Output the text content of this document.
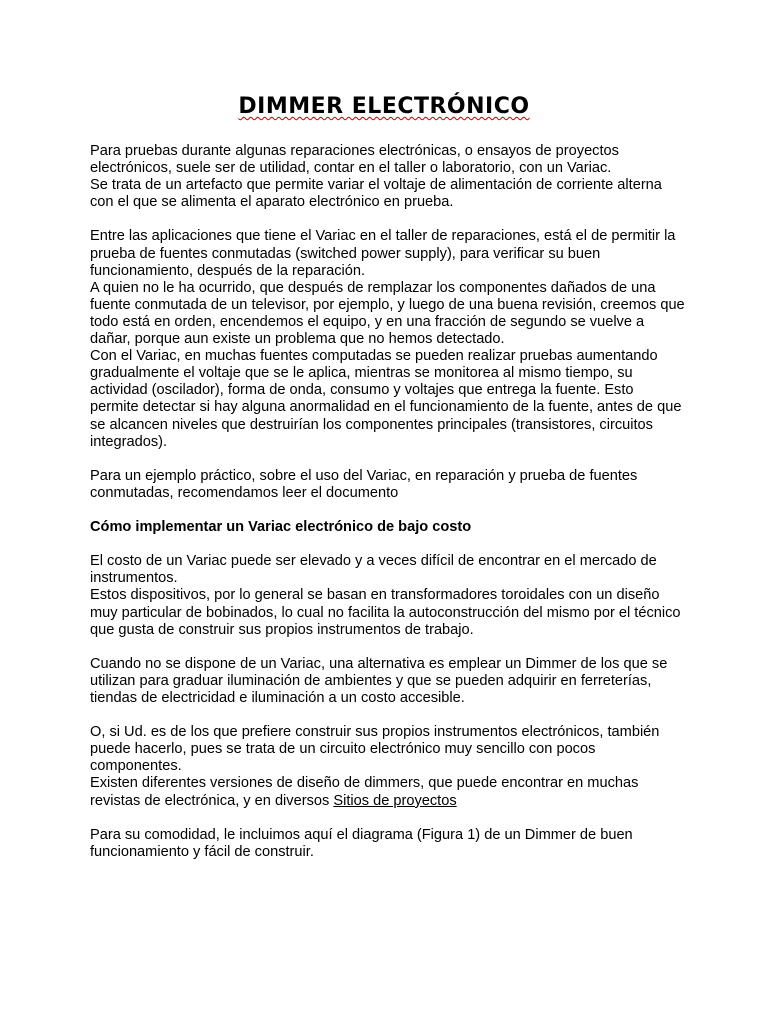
DIMMER ELECTRÓNICO

Para pruebas durante algunas reparaciones electrónicas, o ensayos de proyectos electrónicos, suele ser de utilidad, contar en el taller o laboratorio, con un Variac.
Se trata de un artefacto que permite variar el voltaje de alimentación de corriente alterna con el que se alimenta el aparato electrónico en prueba.

Entre las aplicaciones que tiene el Variac en el taller de reparaciones, está el de permitir la prueba de fuentes conmutadas (switched power supply), para verificar su buen funcionamiento, después de la reparación.
A quien no le ha ocurrido, que después de remplazar los componentes dañados de una fuente conmutada de un televisor, por ejemplo, y luego de una buena revisión, creemos que todo está en orden, encendemos el equipo, y en una fracción de segundo se vuelve a dañar, porque aun existe un problema que no hemos detectado.
Con el Variac, en muchas fuentes computadas se pueden realizar pruebas aumentando gradualmente el voltaje que se le aplica, mientras se monitorea al mismo tiempo, su actividad (oscilador), forma de onda, consumo y voltajes que entrega la fuente. Esto permite detectar si hay alguna anormalidad en el funcionamiento de la fuente, antes de que se alcancen niveles que destruirían los componentes principales (transistores, circuitos integrados).

Para un ejemplo práctico, sobre el uso del Variac, en reparación y prueba de fuentes conmutadas, recomendamos leer el documento

Cómo implementar un Variac electrónico de bajo costo

El costo de un Variac puede ser elevado y a veces difícil de encontrar en el mercado de instrumentos.
Estos dispositivos, por lo general se basan en transformadores toroidales con un diseño muy particular de bobinados, lo cual no facilita la autoconstrucción del mismo por el técnico que gusta de construir sus propios instrumentos de trabajo.

Cuando no se dispone de un Variac, una alternativa es emplear un Dimmer de los que se utilizan para graduar iluminación de ambientes y que se pueden adquirir en ferreterías, tiendas de electricidad e iluminación a un costo accesible.

O, si Ud. es de los que prefiere construir sus propios instrumentos electrónicos, también puede hacerlo, pues se trata de un circuito electrónico muy sencillo con pocos componentes.
Existen diferentes versiones de diseño de dimmers, que puede encontrar en muchas revistas de electrónica, y en diversos Sitios de proyectos

Para su comodidad, le incluimos aquí el diagrama (Figura 1) de un Dimmer de buen funcionamiento y fácil de construir.
